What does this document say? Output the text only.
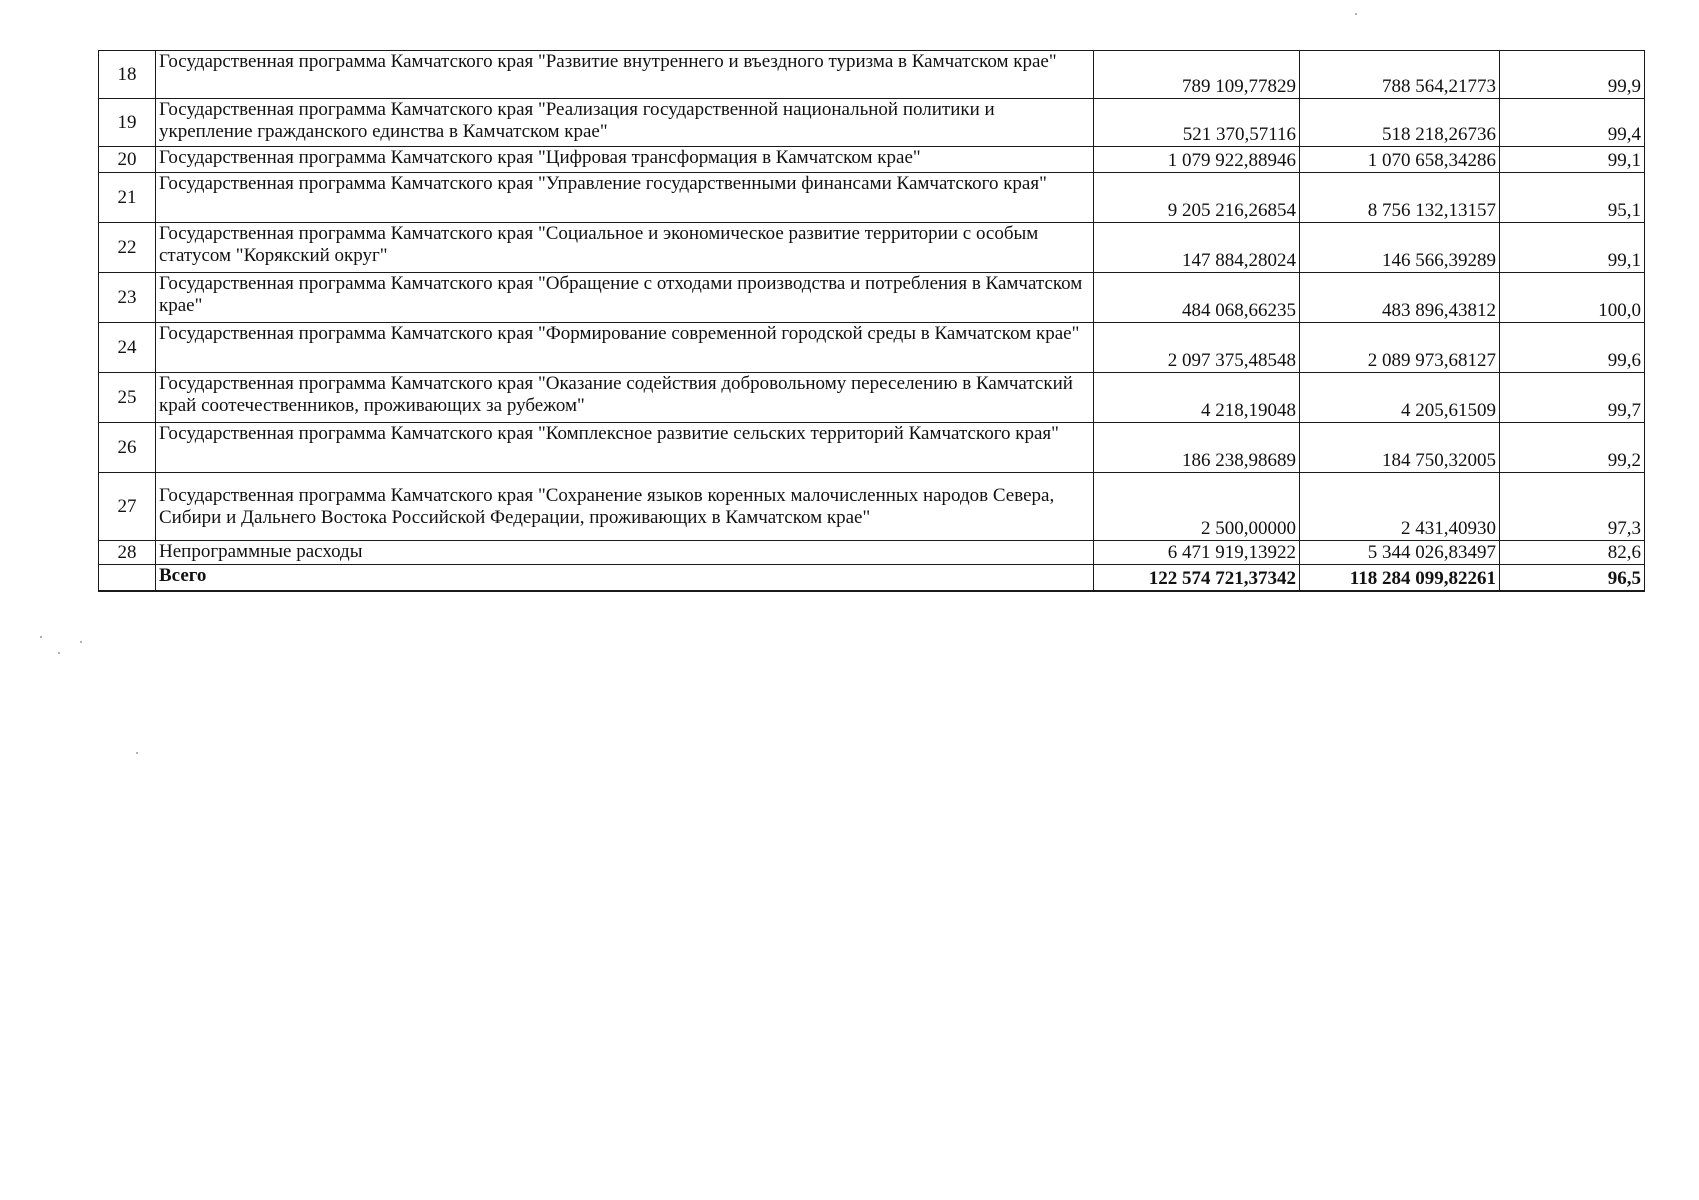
18	Государственная программа Камчатского края "Развитие внутреннего и въездного туризма в Камчатском крае"	789 109,77829	788 564,21773	99,9
19	Государственная программа Камчатского края "Реализация государственной национальной политики и укрепление гражданского единства в Камчатском крае"	521 370,57116	518 218,26736	99,4
20	Государственная программа Камчатского края "Цифровая трансформация в Камчатском крае"	1 079 922,88946	1 070 658,34286	99,1
21	Государственная программа Камчатского края "Управление государственными финансами Камчатского края"	9 205 216,26854	8 756 132,13157	95,1
22	Государственная программа Камчатского края "Социальное и экономическое развитие территории с особым статусом "Корякский округ"	147 884,28024	146 566,39289	99,1
23	Государственная программа Камчатского края "Обращение с отходами производства и потребления в Камчатском крае"	484 068,66235	483 896,43812	100,0
24	Государственная программа Камчатского края "Формирование современной городской среды в Камчатском крае"	2 097 375,48548	2 089 973,68127	99,6
25	Государственная программа Камчатского края "Оказание содействия добровольному переселению в Камчатский край соотечественников, проживающих за рубежом"	4 218,19048	4 205,61509	99,7
26	Государственная программа Камчатского края "Комплексное развитие сельских территорий Камчатского края"	186 238,98689	184 750,32005	99,2
27	Государственная программа Камчатского края "Сохранение языков коренных малочисленных народов Севера, Сибири и Дальнего Востока Российской Федерации, проживающих в Камчатском крае"	2 500,00000	2 431,40930	97,3
28	Непрограммные расходы	6 471 919,13922	5 344 026,83497	82,6
	Всего	122 574 721,37342	118 284 099,82261	96,5
